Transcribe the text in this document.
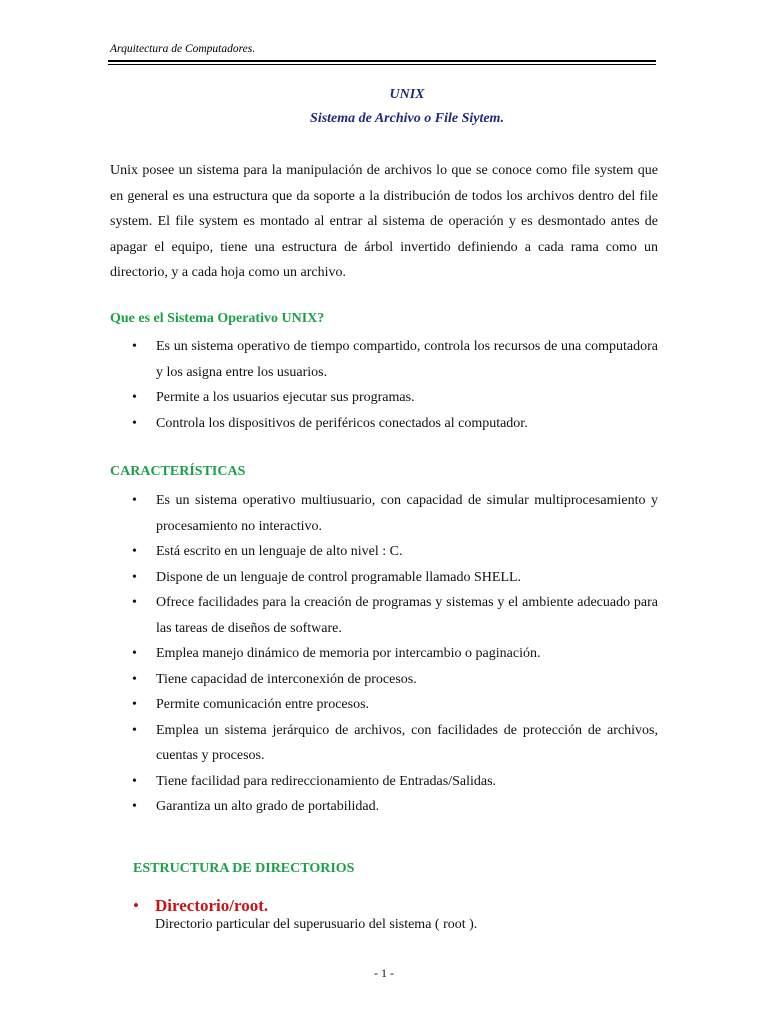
Arquitectura de Computadores.
UNIX
Sistema de Archivo o File Siytem.

Unix posee un sistema para la manipulación de archivos lo que se conoce como file system que en general es una estructura que da soporte a la distribución de todos los archivos dentro del file system. El file system es montado al entrar al sistema de operación y es desmontado antes de apagar el equipo, tiene una estructura de árbol invertido definiendo a cada rama como un directorio, y a cada hoja como un archivo.

Que es el Sistema Operativo UNIX?
• Es un sistema operativo de tiempo compartido, controla los recursos de una computadora y los asigna entre los usuarios.
• Permite a los usuarios ejecutar sus programas.
• Controla los dispositivos de periféricos conectados al computador.
CARACTERÍSTICAS
• Es un sistema operativo multiusuario, con capacidad de simular multiprocesamiento y procesamiento no interactivo.
• Está escrito en un lenguaje de alto nivel : C.
• Dispone de un lenguaje de control programable llamado SHELL.
• Ofrece facilidades para la creación de programas y sistemas y el ambiente adecuado para las tareas de diseños de software.
• Emplea manejo dinámico de memoria por intercambio o paginación.
• Tiene capacidad de interconexión de procesos.
• Permite comunicación entre procesos.
• Emplea un sistema jerárquico de archivos, con facilidades de protección de archivos, cuentas y procesos.
• Tiene facilidad para redireccionamiento de Entradas/Salidas.
• Garantiza un alto grado de portabilidad.
ESTRUCTURA DE DIRECTORIOS
• Directorio/root.
Directorio particular del superusuario del sistema ( root ).
- 1 -
